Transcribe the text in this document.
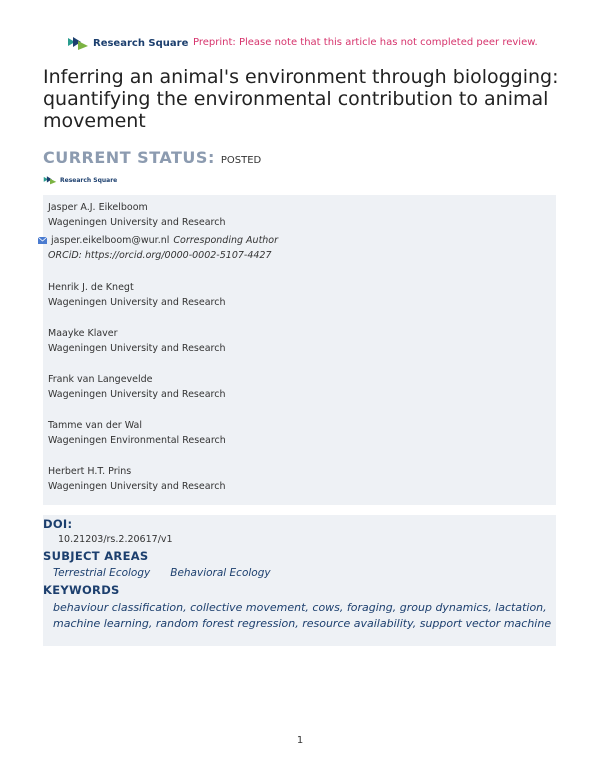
Research Square Preprint: Please note that this article has not completed peer review.
Inferring an animal's environment through biologging: quantifying the environmental contribution to animal movement
CURRENT STATUS: POSTED
Research Square
Jasper A.J. Eikelboom
Wageningen University and Research
jasper.eikelboom@wur.nl Corresponding Author
ORCiD: https://orcid.org/0000-0002-5107-4427
Henrik J. de Knegt
Wageningen University and Research
Maayke Klaver
Wageningen University and Research
Frank van Langevelde
Wageningen University and Research
Tamme van der Wal
Wageningen Environmental Research
Herbert H.T. Prins
Wageningen University and Research
DOI:
10.21203/rs.2.20617/v1
SUBJECT AREAS
Terrestrial Ecology Behavioral Ecology
KEYWORDS
behaviour classification, collective movement, cows, foraging, group dynamics, lactation, machine learning, random forest regression, resource availability, support vector machine
1
